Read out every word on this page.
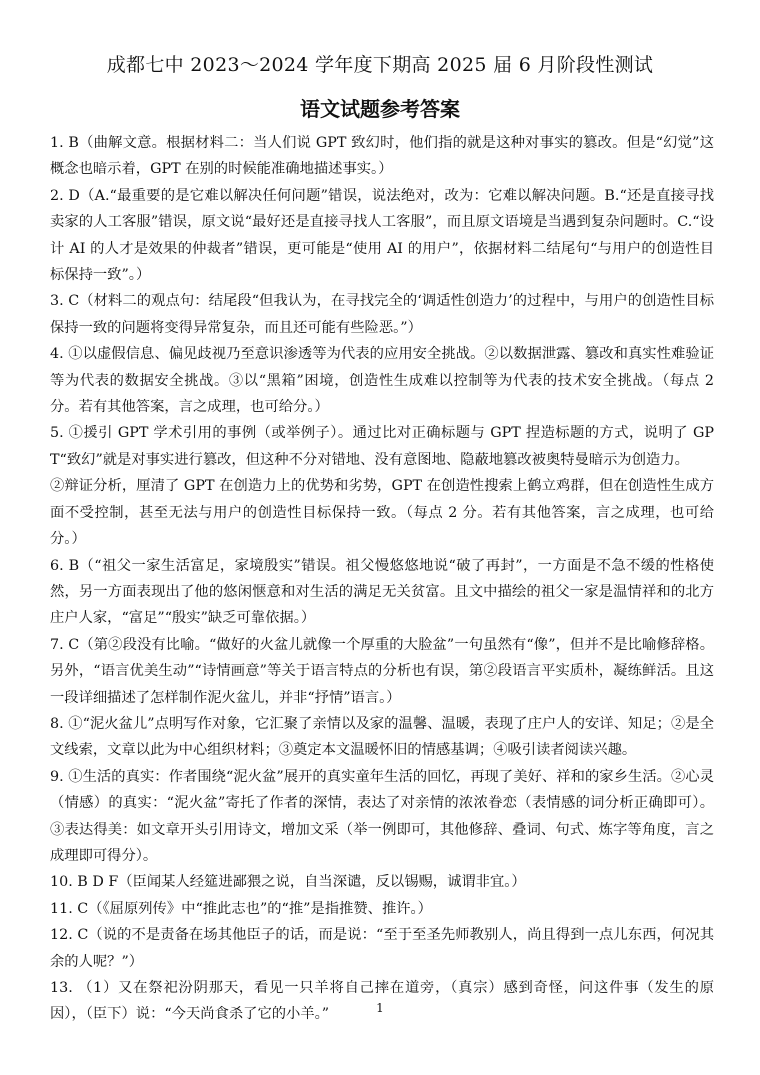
成都七中 2023～2024 学年度下期高 2025 届 6 月阶段性测试
语文试题参考答案

1. B（曲解文意。根据材料二：当人们说 GPT 致幻时，他们指的就是这种对事实的篡改。但是“幻觉”这概念也暗示着，GPT 在别的时候能准确地描述事实。）

2. D（A.“最重要的是它难以解决任何问题”错误，说法绝对，改为：它难以解决问题。B.“还是直接寻找卖家的人工客服”错误，原文说“最好还是直接寻找人工客服”，而且原文语境是当遇到复杂问题时。C.“设计 AI 的人才是效果的仲裁者”错误，更可能是“使用 AI 的用户”，依据材料二结尾句“与用户的创造性目标保持一致”。）

3. C（材料二的观点句：结尾段“但我认为，在寻找完全的‘调适性创造力’的过程中，与用户的创造性目标保持一致的问题将变得异常复杂，而且还可能有些险恶。”）

4. ①以虚假信息、偏见歧视乃至意识渗透等为代表的应用安全挑战。②以数据泄露、篡改和真实性难验证等为代表的数据安全挑战。③以“黑箱”困境，创造性生成难以控制等为代表的技术安全挑战。（每点 2 分。若有其他答案，言之成理，也可给分。）

5. ①援引 GPT 学术引用的事例（或举例子）。通过比对正确标题与 GPT 捏造标题的方式，说明了 GPT“致幻”就是对事实进行篡改，但这种不分对错地、没有意图地、隐蔽地篡改被奥特曼暗示为创造力。

②辩证分析，厘清了 GPT 在创造力上的优势和劣势，GPT 在创造性搜索上鹤立鸡群，但在创造性生成方面不受控制，甚至无法与用户的创造性目标保持一致。（每点 2 分。若有其他答案，言之成理，也可给分。）

6. B（“祖父一家生活富足，家境殷实”错误。祖父慢悠悠地说“破了再封”，一方面是不急不缓的性格使然，另一方面表现出了他的悠闲惬意和对生活的满足无关贫富。且文中描绘的祖父一家是温情祥和的北方庄户人家，“富足”“殷实”缺乏可靠依据。）

7. C（第②段没有比喻。“做好的火盆儿就像一个厚重的大脸盆”一句虽然有“像”，但并不是比喻修辞格。另外，“语言优美生动”“诗情画意”等关于语言特点的分析也有误，第②段语言平实质朴，凝练鲜活。且这一段详细描述了怎样制作泥火盆儿，并非“抒情”语言。）

8. ①“泥火盆儿”点明写作对象，它汇聚了亲情以及家的温馨、温暖，表现了庄户人的安详、知足；②是全文线索，文章以此为中心组织材料；③奠定本文温暖怀旧的情感基调；④吸引读者阅读兴趣。

9. ①生活的真实：作者围绕“泥火盆”展开的真实童年生活的回忆，再现了美好、祥和的家乡生活。②心灵（情感）的真实：“泥火盆”寄托了作者的深情，表达了对亲情的浓浓眷恋（表情感的词分析正确即可）。③表达得美：如文章开头引用诗文，增加文采（举一例即可，其他修辞、叠词、句式、炼字等角度，言之成理即可得分）。

10. B D F（臣闻某人经筵进鄙猥之说，自当深谴，反以锡赐，诚谓非宜。）

11. C（《屈原列传》中“推此志也”的“推”是指推赞、推许。）

12. C（说的不是责备在场其他臣子的话，而是说：“至于至圣先师教别人，尚且得到一点儿东西，何况其余的人呢？”）

13. （1）又在祭祀汾阴那天，看见一只羊将自己摔在道旁，（真宗）感到奇怪，问这件事（发生的原因），（臣下）说：“今天尚食杀了它的小羊。”	1
